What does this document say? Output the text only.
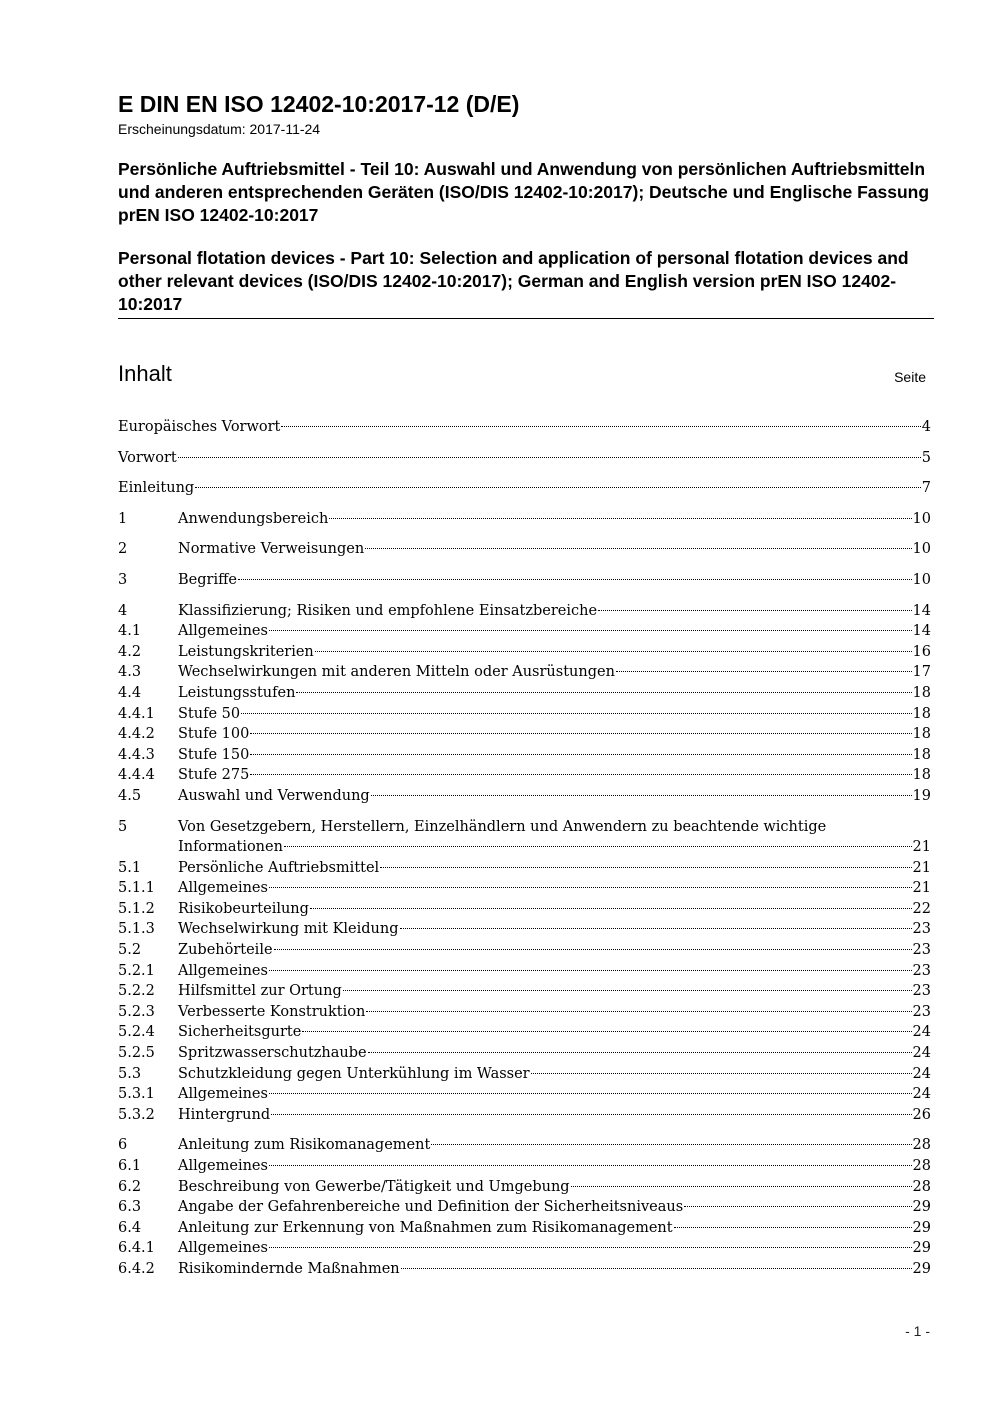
E DIN EN ISO 12402-10:2017-12 (D/E)

Erscheinungsdatum: 2017-11-24

Persönliche Auftriebsmittel - Teil 10: Auswahl und Anwendung von persönlichen Auftriebsmitteln und anderen entsprechenden Geräten (ISO/DIS 12402-10:2017); Deutsche und Englische Fassung prEN ISO 12402-10:2017

Personal flotation devices - Part 10: Selection and application of personal flotation devices and other relevant devices (ISO/DIS 12402-10:2017); German and English version prEN ISO 12402-10:2017

Inhalt	Seite
Europäisches Vorwort	4
Vorwort	5
Einleitung	7
1	Anwendungsbereich	10
2	Normative Verweisungen	10
3	Begriffe	10
4	Klassifizierung; Risiken und empfohlene Einsatzbereiche	14
4.1	Allgemeines	14
4.2	Leistungskriterien	16
4.3	Wechselwirkungen mit anderen Mitteln oder Ausrüstungen	17
4.4	Leistungsstufen	18
4.4.1	Stufe 50	18
4.4.2	Stufe 100	18
4.4.3	Stufe 150	18
4.4.4	Stufe 275	18
4.5	Auswahl und Verwendung	19
5	Von Gesetzgebern, Herstellern, Einzelhändlern und Anwendern zu beachtende wichtige
Informationen	21
5.1	Persönliche Auftriebsmittel	21
5.1.1	Allgemeines	21
5.1.2	Risikobeurteilung	22
5.1.3	Wechselwirkung mit Kleidung	23
5.2	Zubehörteile	23
5.2.1	Allgemeines	23
5.2.2	Hilfsmittel zur Ortung	23
5.2.3	Verbesserte Konstruktion	23
5.2.4	Sicherheitsgurte	24
5.2.5	Spritzwasserschutzhaube	24
5.3	Schutzkleidung gegen Unterkühlung im Wasser	24
5.3.1	Allgemeines	24
5.3.2	Hintergrund	26
6	Anleitung zum Risikomanagement	28
6.1	Allgemeines	28
6.2	Beschreibung von Gewerbe/Tätigkeit und Umgebung	28
6.3	Angabe der Gefahrenbereiche und Definition der Sicherheitsniveaus	29
6.4	Anleitung zur Erkennung von Maßnahmen zum Risikomanagement	29
6.4.1	Allgemeines	29
6.4.2	Risikomindernde Maßnahmen	29
- 1 -
